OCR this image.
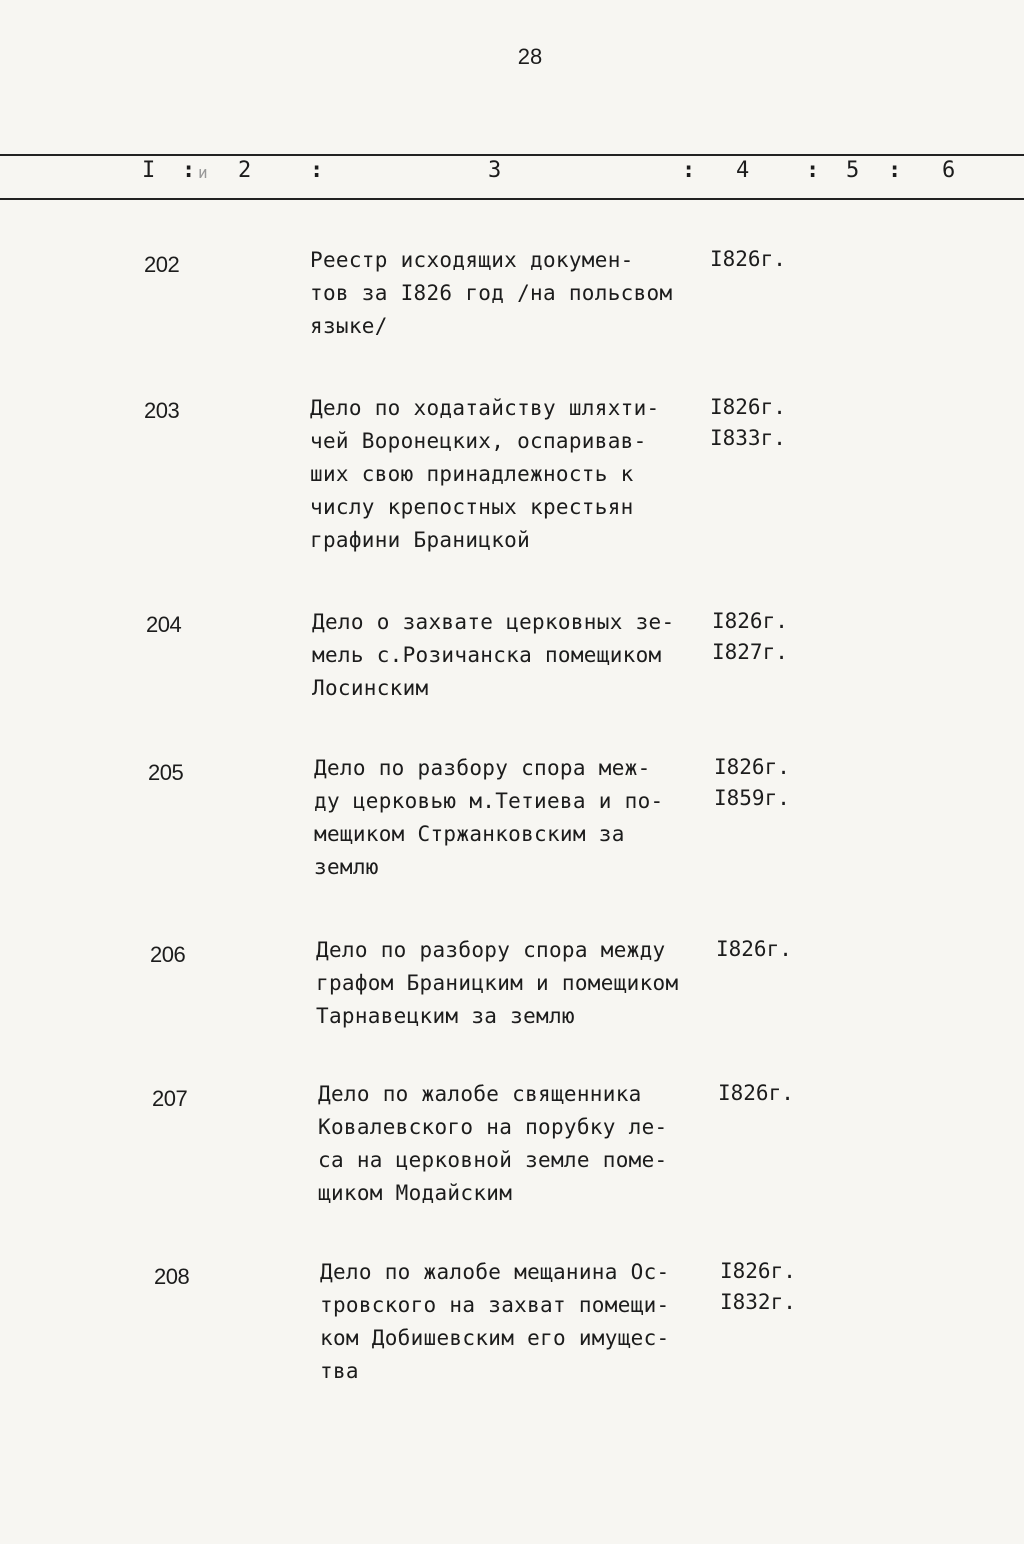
28
I : и 2	:	3	: 4	: 5 : 6
202	Реестр исходящих докумен-
тов за I826 год /на польсвом
языке/
I826г.
203	Дело по ходатайству шляхти-
чей Воронецких, оспаривав-
ших свою принадлежность к
числу крепостных крестьян
графини Браницкой
I826г.
I833г.
204	Дело о захвате церковных зе-
мель с.Розичанска помещиком
Лосинским
I826г.
I827г.
205	Дело по разбору спора меж-
ду церковью м.Тетиева и по-
мещиком Стржанковским за
землю
I826г.
I859г.
206	Дело по разбору спора между
графом Браницким и помещиком
Тарнавецким за землю
I826г.
207	Дело по жалобе священника
Ковалевского на порубку ле-
са на церковной земле поме-
щиком Модайским
I826г.
208	Дело по жалобе мещанина Ос-
тровского на захват помещи-
ком Добишевским его имущес-
тва
I826г.
I832г.
